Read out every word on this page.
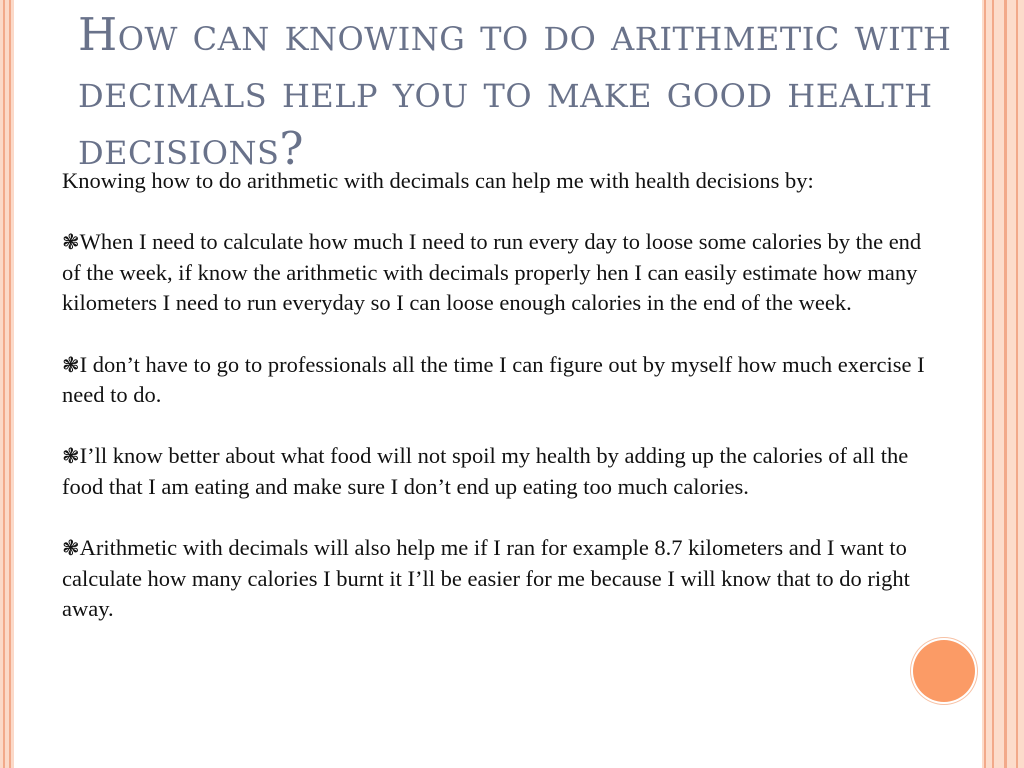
How can knowing to do arithmetic with decimals help you to make good health decisions?

Knowing how to do arithmetic with decimals can help me with health decisions by:

❃When I need to calculate how much I need to run every day to loose some calories by the end of the week, if know the arithmetic with decimals properly hen I can easily estimate how many kilometers I need to run everyday so I can loose enough calories in the end of the week.

❃I don’t have to go to professionals all the time I can figure out by myself how much exercise I need to do.

❃I’ll know better about what food will not spoil my health by adding up the calories of all the food that I am eating and make sure I don’t end up eating too much calories.

❃Arithmetic with decimals will also help me if I ran for example 8.7 kilometers and I want to calculate how many calories I burnt it I’ll be easier for me because I will know that to do right away.
